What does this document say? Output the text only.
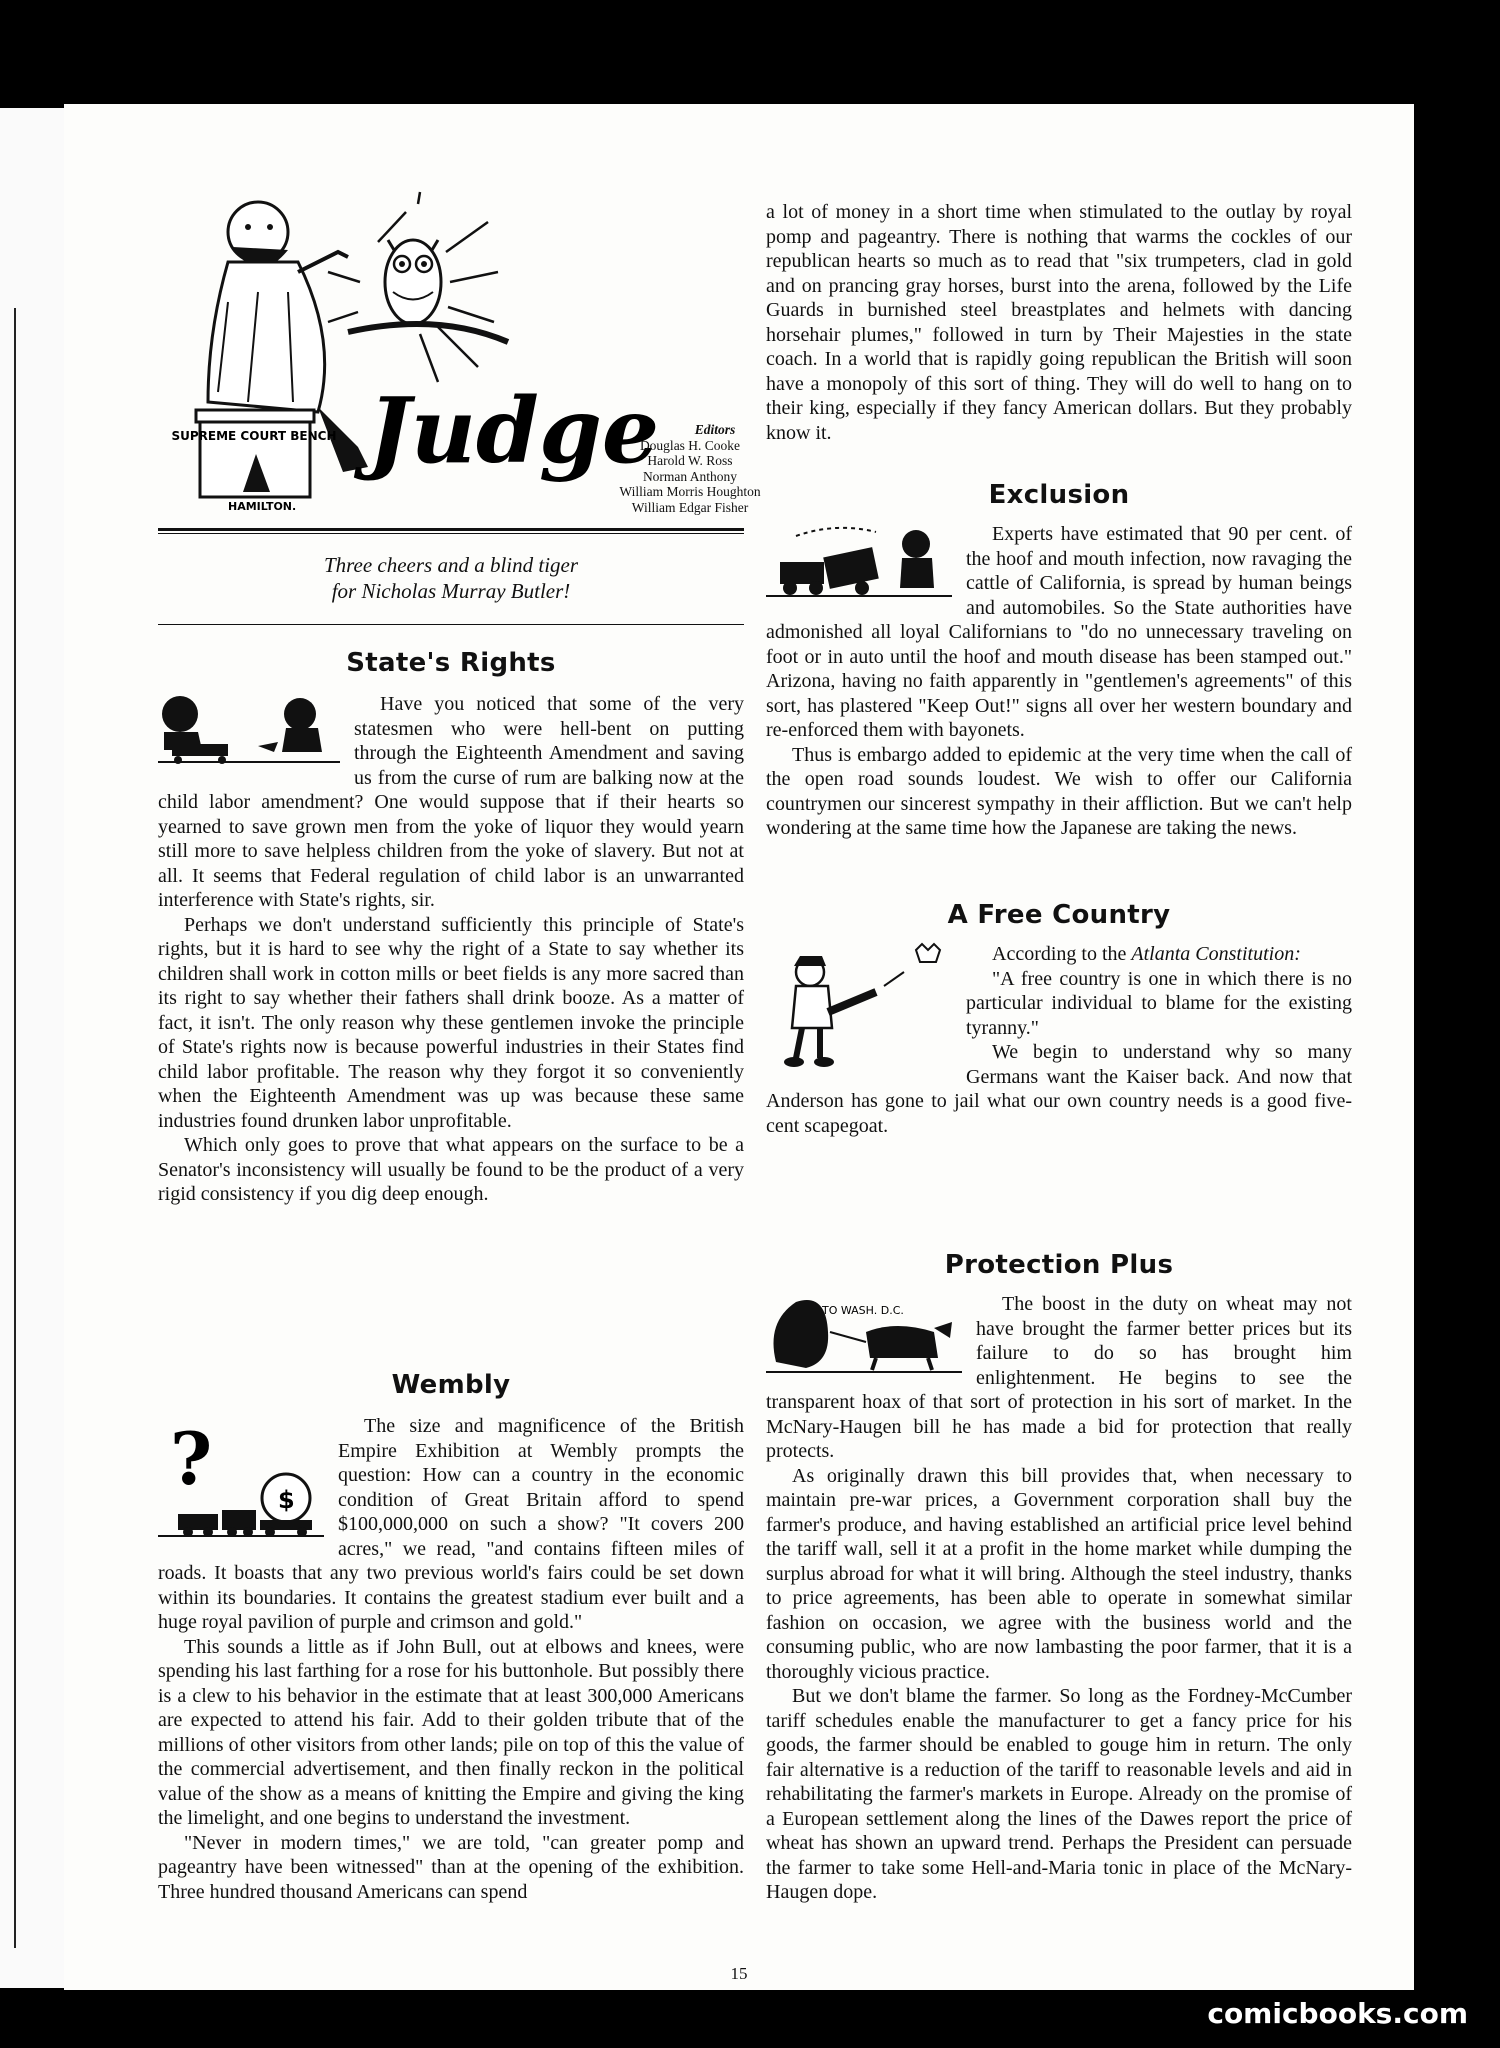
SUPREME COURT BENCH Judge
HAMILTON.
Editors
Douglas H. Cooke
Harold W. Ross
Norman Anthony
William Morris Houghton
William Edgar Fisher
Three cheers and a blind tiger
for Nicholas Murray Butler!
State's Rights

Have you noticed that some of the very statesmen who were hell-bent on putting through the Eighteenth Amendment and saving us from the curse of rum are balking now at the child labor amendment? One would suppose that if their hearts so yearned to save grown men from the yoke of liquor they would yearn still more to save helpless children from the yoke of slavery. But not at all. It seems that Federal regulation of child labor is an unwarranted interference with State's rights, sir.

Perhaps we don't understand sufficiently this principle of State's rights, but it is hard to see why the right of a State to say whether its children shall work in cotton mills or beet fields is any more sacred than its right to say whether their fathers shall drink booze. As a matter of fact, it isn't. The only reason why these gentlemen invoke the principle of State's rights now is because powerful industries in their States find child labor profitable. The reason why they forgot it so conveniently when the Eighteenth Amendment was up was because these same industries found drunken labor unprofitable.

Which only goes to prove that what appears on the surface to be a Senator's inconsistency will usually be found to be the product of a very rigid consistency if you dig deep enough.

Wembly
?	$

The size and magnificence of the British Empire Exhibition at Wembly prompts the question: How can a country in the economic condition of Great Britain afford to spend $100,000,000 on such a show? "It covers 200 acres," we read, "and contains fifteen miles of roads. It boasts that any two previous world's fairs could be set down within its boundaries. It contains the greatest stadium ever built and a huge royal pavilion of purple and crimson and gold."

This sounds a little as if John Bull, out at elbows and knees, were spending his last farthing for a rose for his buttonhole. But possibly there is a clew to his behavior in the estimate that at least 300,000 Americans are expected to attend his fair. Add to their golden tribute that of the millions of other visitors from other lands; pile on top of this the value of the commercial advertisement, and then finally reckon in the political value of the show as a means of knitting the Empire and giving the king the limelight, and one begins to understand the investment.

"Never in modern times," we are told, "can greater pomp and pageantry have been witnessed" than at the opening of the exhibition. Three hundred thousand Americans can spend

a lot of money in a short time when stimulated to the outlay by royal pomp and pageantry. There is nothing that warms the cockles of our republican hearts so much as to read that "six trumpeters, clad in gold and on prancing gray horses, burst into the arena, followed by the Life Guards in burnished steel breastplates and helmets with dancing horsehair plumes," followed in turn by Their Majesties in the state coach. In a world that is rapidly going republican the British will soon have a monopoly of this sort of thing. They will do well to hang on to their king, especially if they fancy American dollars. But they probably know it.

Exclusion

Experts have estimated that 90 per cent. of the hoof and mouth infection, now ravaging the cattle of California, is spread by human beings and automobiles. So the State authorities have admonished all loyal Californians to "do no unnecessary traveling on foot or in auto until the hoof and mouth disease has been stamped out." Arizona, having no faith apparently in "gentlemen's agreements" of this sort, has plastered "Keep Out!" signs all over her western boundary and re-enforced them with bayonets.

Thus is embargo added to epidemic at the very time when the call of the open road sounds loudest. We wish to offer our California countrymen our sincerest sympathy in their affliction. But we can't help wondering at the same time how the Japanese are taking the news.

A Free Country

According to the Atlanta Constitution:

"A free country is one in which there is no particular individual to blame for the existing tyranny."

We begin to understand why so many Germans want the Kaiser back. And now that Anderson has gone to jail what our own country needs is a good five-cent scapegoat.

Protection Plus
TO WASH. D.C.	The boost in the duty on wheat may not have brought the farmer better prices but its failure to do so has brought him enlightenment. He begins to see the transparent hoax of that sort of protection in his sort of market. In the McNary-Haugen bill he has made a bid for protection that really protects.

As originally drawn this bill provides that, when necessary to maintain pre-war prices, a Government corporation shall buy the farmer's produce, and having established an artificial price level behind the tariff wall, sell it at a profit in the home market while dumping the surplus abroad for what it will bring. Although the steel industry, thanks to price agreements, has been able to operate in somewhat similar fashion on occasion, we agree with the business world and the consuming public, who are now lambasting the poor farmer, that it is a thoroughly vicious practice.

But we don't blame the farmer. So long as the Fordney-McCumber tariff schedules enable the manufacturer to get a fancy price for his goods, the farmer should be enabled to gouge him in return. The only fair alternative is a reduction of the tariff to reasonable levels and aid in rehabilitating the farmer's markets in Europe. Already on the promise of a European settlement along the lines of the Dawes report the price of wheat has shown an upward trend. Perhaps the President can persuade the farmer to take some Hell-and-Maria tonic in place of the McNary-Haugen dope.

15
comicbooks.com
